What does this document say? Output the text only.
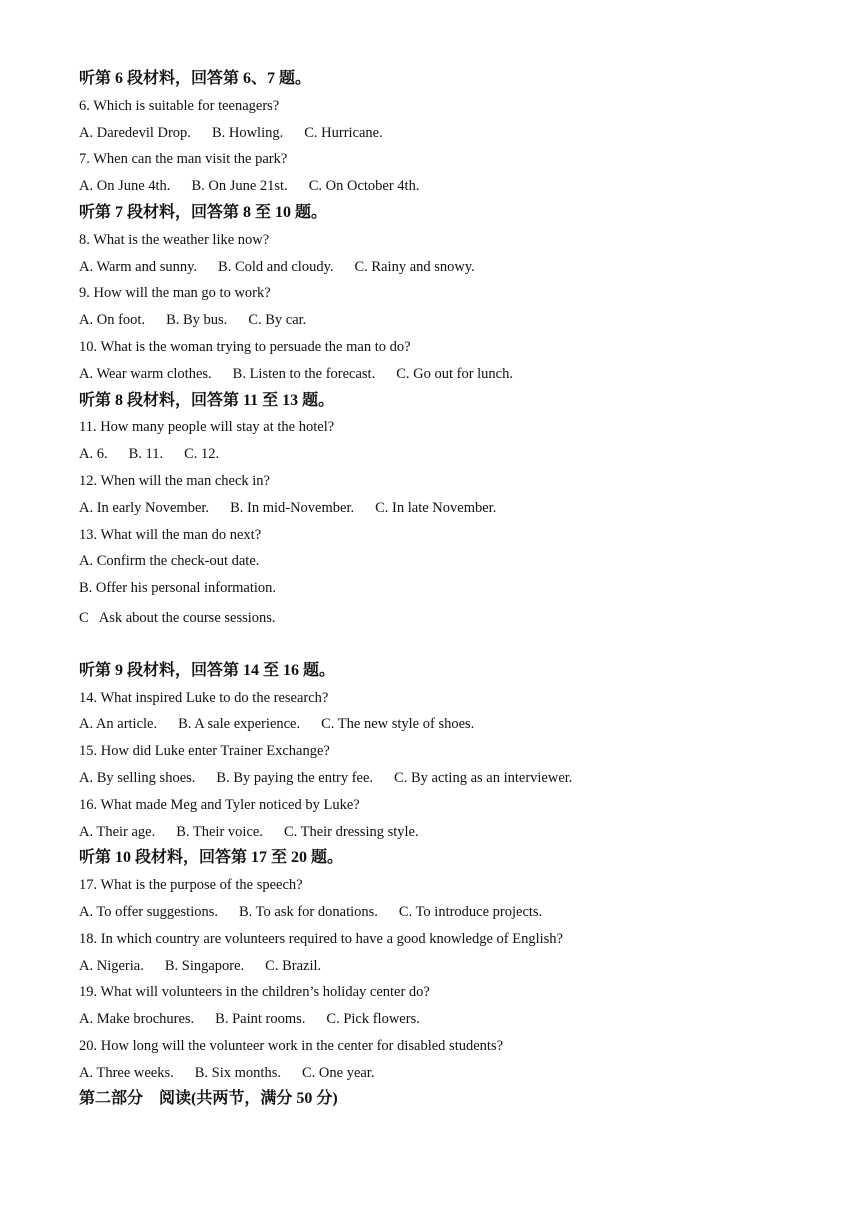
听第 6 段材料，回答第 6、7 题。
6. Which is suitable for teenagers?
A. Daredevil Drop. B. Howling. C. Hurricane.
7. When can the man visit the park?
A. On June 4th. B. On June 21st. C. On October 4th.
听第 7 段材料，回答第 8 至 10 题。
8. What is the weather like now?
A. Warm and sunny. B. Cold and cloudy. C. Rainy and snowy.
9. How will the man go to work?
A. On foot. B. By bus. C. By car.
10. What is the woman trying to persuade the man to do?
A. Wear warm clothes. B. Listen to the forecast. C. Go out for lunch.
听第 8 段材料，回答第 11 至 13 题。
11. How many people will stay at the hotel?
A. 6. B. 11. C. 12.
12. When will the man check in?
A. In early November. B. In mid-November. C. In late November.
13. What will the man do next?
A. Confirm the check-out date.
B. Offer his personal information.
C   Ask about the course sessions.
听第 9 段材料，回答第 14 至 16 题。
14. What inspired Luke to do the research?
A. An article. B. A sale experience. C. The new style of shoes.
15. How did Luke enter Trainer Exchange?
A. By selling shoes. B. By paying the entry fee. C. By acting as an interviewer.
16. What made Meg and Tyler noticed by Luke?
A. Their age. B. Their voice. C. Their dressing style.
听第 10 段材料，回答第 17 至 20 题。
17. What is the purpose of the speech?
A. To offer suggestions. B. To ask for donations. C. To introduce projects.
18. In which country are volunteers required to have a good knowledge of English?
A. Nigeria. B. Singapore. C. Brazil.
19. What will volunteers in the children’s holiday center do?
A. Make brochures. B. Paint rooms. C. Pick flowers.
20. How long will the volunteer work in the center for disabled students?
A. Three weeks. B. Six months. C. One year.
第二部分　阅读(共两节，满分 50 分)
